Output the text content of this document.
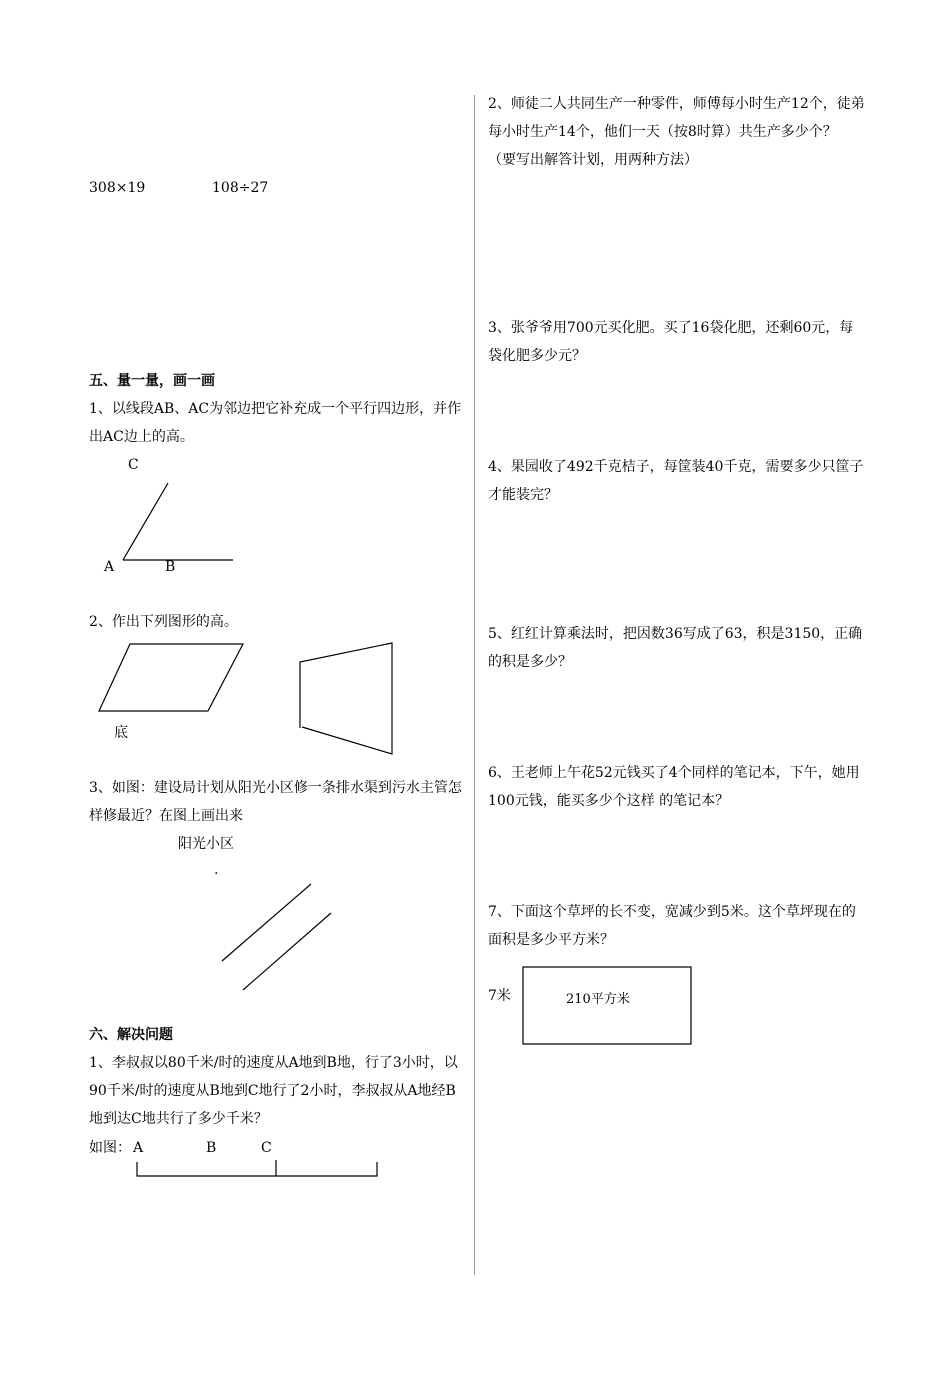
308×19	108÷27
五、量一量，画一画
1、以线段AB、AC为邻边把它补充成一个平行四边形，并作出AC边上的高。
C
A	B
2、作出下列图形的高。
底
3、如图：建设局计划从阳光小区修一条排水渠到污水主管怎样修最近？在图上画出来
阳光小区
.
六、解决问题
1、李叔叔以80千米/时的速度从A地到B地，行了3小时，以90千米/时的速度从B地到C地行了2小时，李叔叔从A地经B地到达C地共行了多少千米？
如图： A	B	C
2、师徒二人共同生产一种零件，师傅每小时生产12个，徒弟每小时生产14个，他们一天（按8时算）共生产多少个？
（要写出解答计划，用两种方法）
3、张爷爷用700元买化肥。买了16袋化肥，还剩60元，每袋化肥多少元？
4、果园收了492千克桔子，每筐装40千克，需要多少只筐子才能装完？
5、红红计算乘法时，把因数36写成了63，积是3150，正确的积是多少？
6、王老师上午花52元钱买了4个同样的笔记本，下午，她用100元钱，能买多少个这样 的笔记本？
7、下面这个草坪的长不变，宽减少到5米。这个草坪现在的面积是多少平方米？
7米	210平方米
